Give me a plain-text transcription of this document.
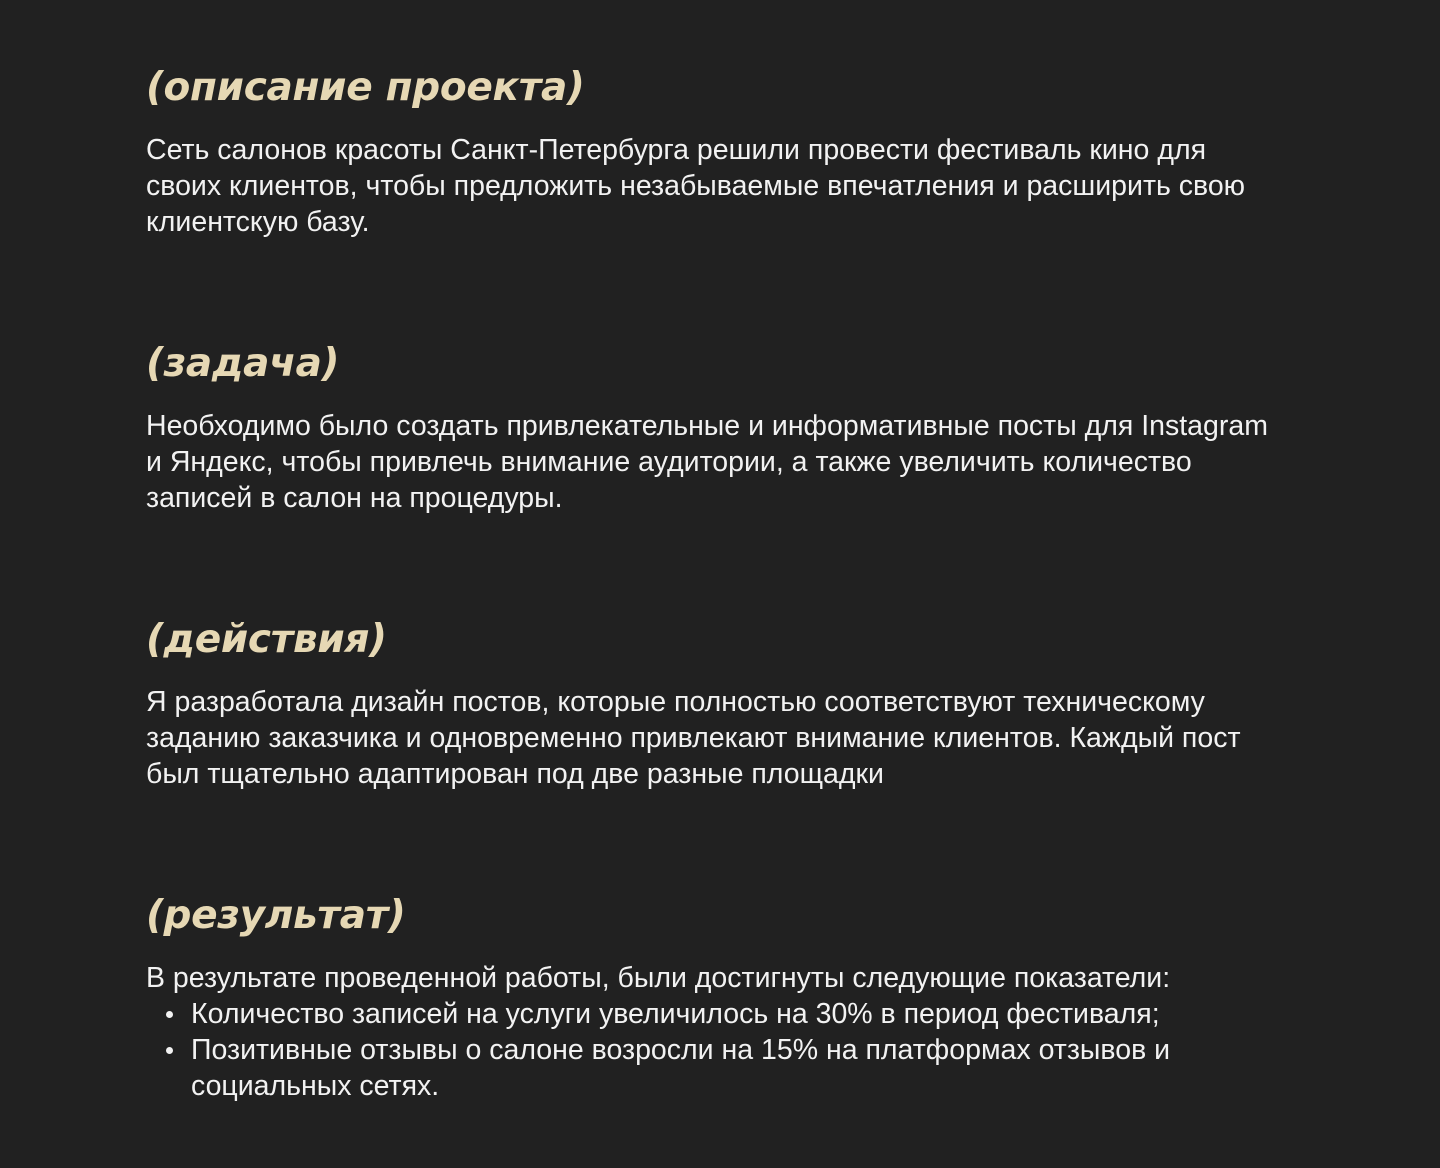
(описание проекта)

Сеть салонов красоты Санкт-Петербурга решили провести фестиваль кино для своих клиентов, чтобы предложить незабываемые впечатления и расширить свою клиентскую базу.

(задача)

Необходимо было создать привлекательные и информативные посты для Instagram и Яндекс, чтобы привлечь внимание аудитории, а также увеличить количество записей в салон на процедуры.

(действия)

Я разработала дизайн постов, которые полностью соответствуют техническому заданию заказчика и одновременно привлекают внимание клиентов. Каждый пост был тщательно адаптирован под две разные площадки

(результат)

В результате проведенной работы, были достигнуты следующие показатели:

Количество записей на услуги увеличилось на 30% в период фестиваля;
Позитивные отзывы о салоне возросли на 15% на платформах отзывов и социальных сетях.
